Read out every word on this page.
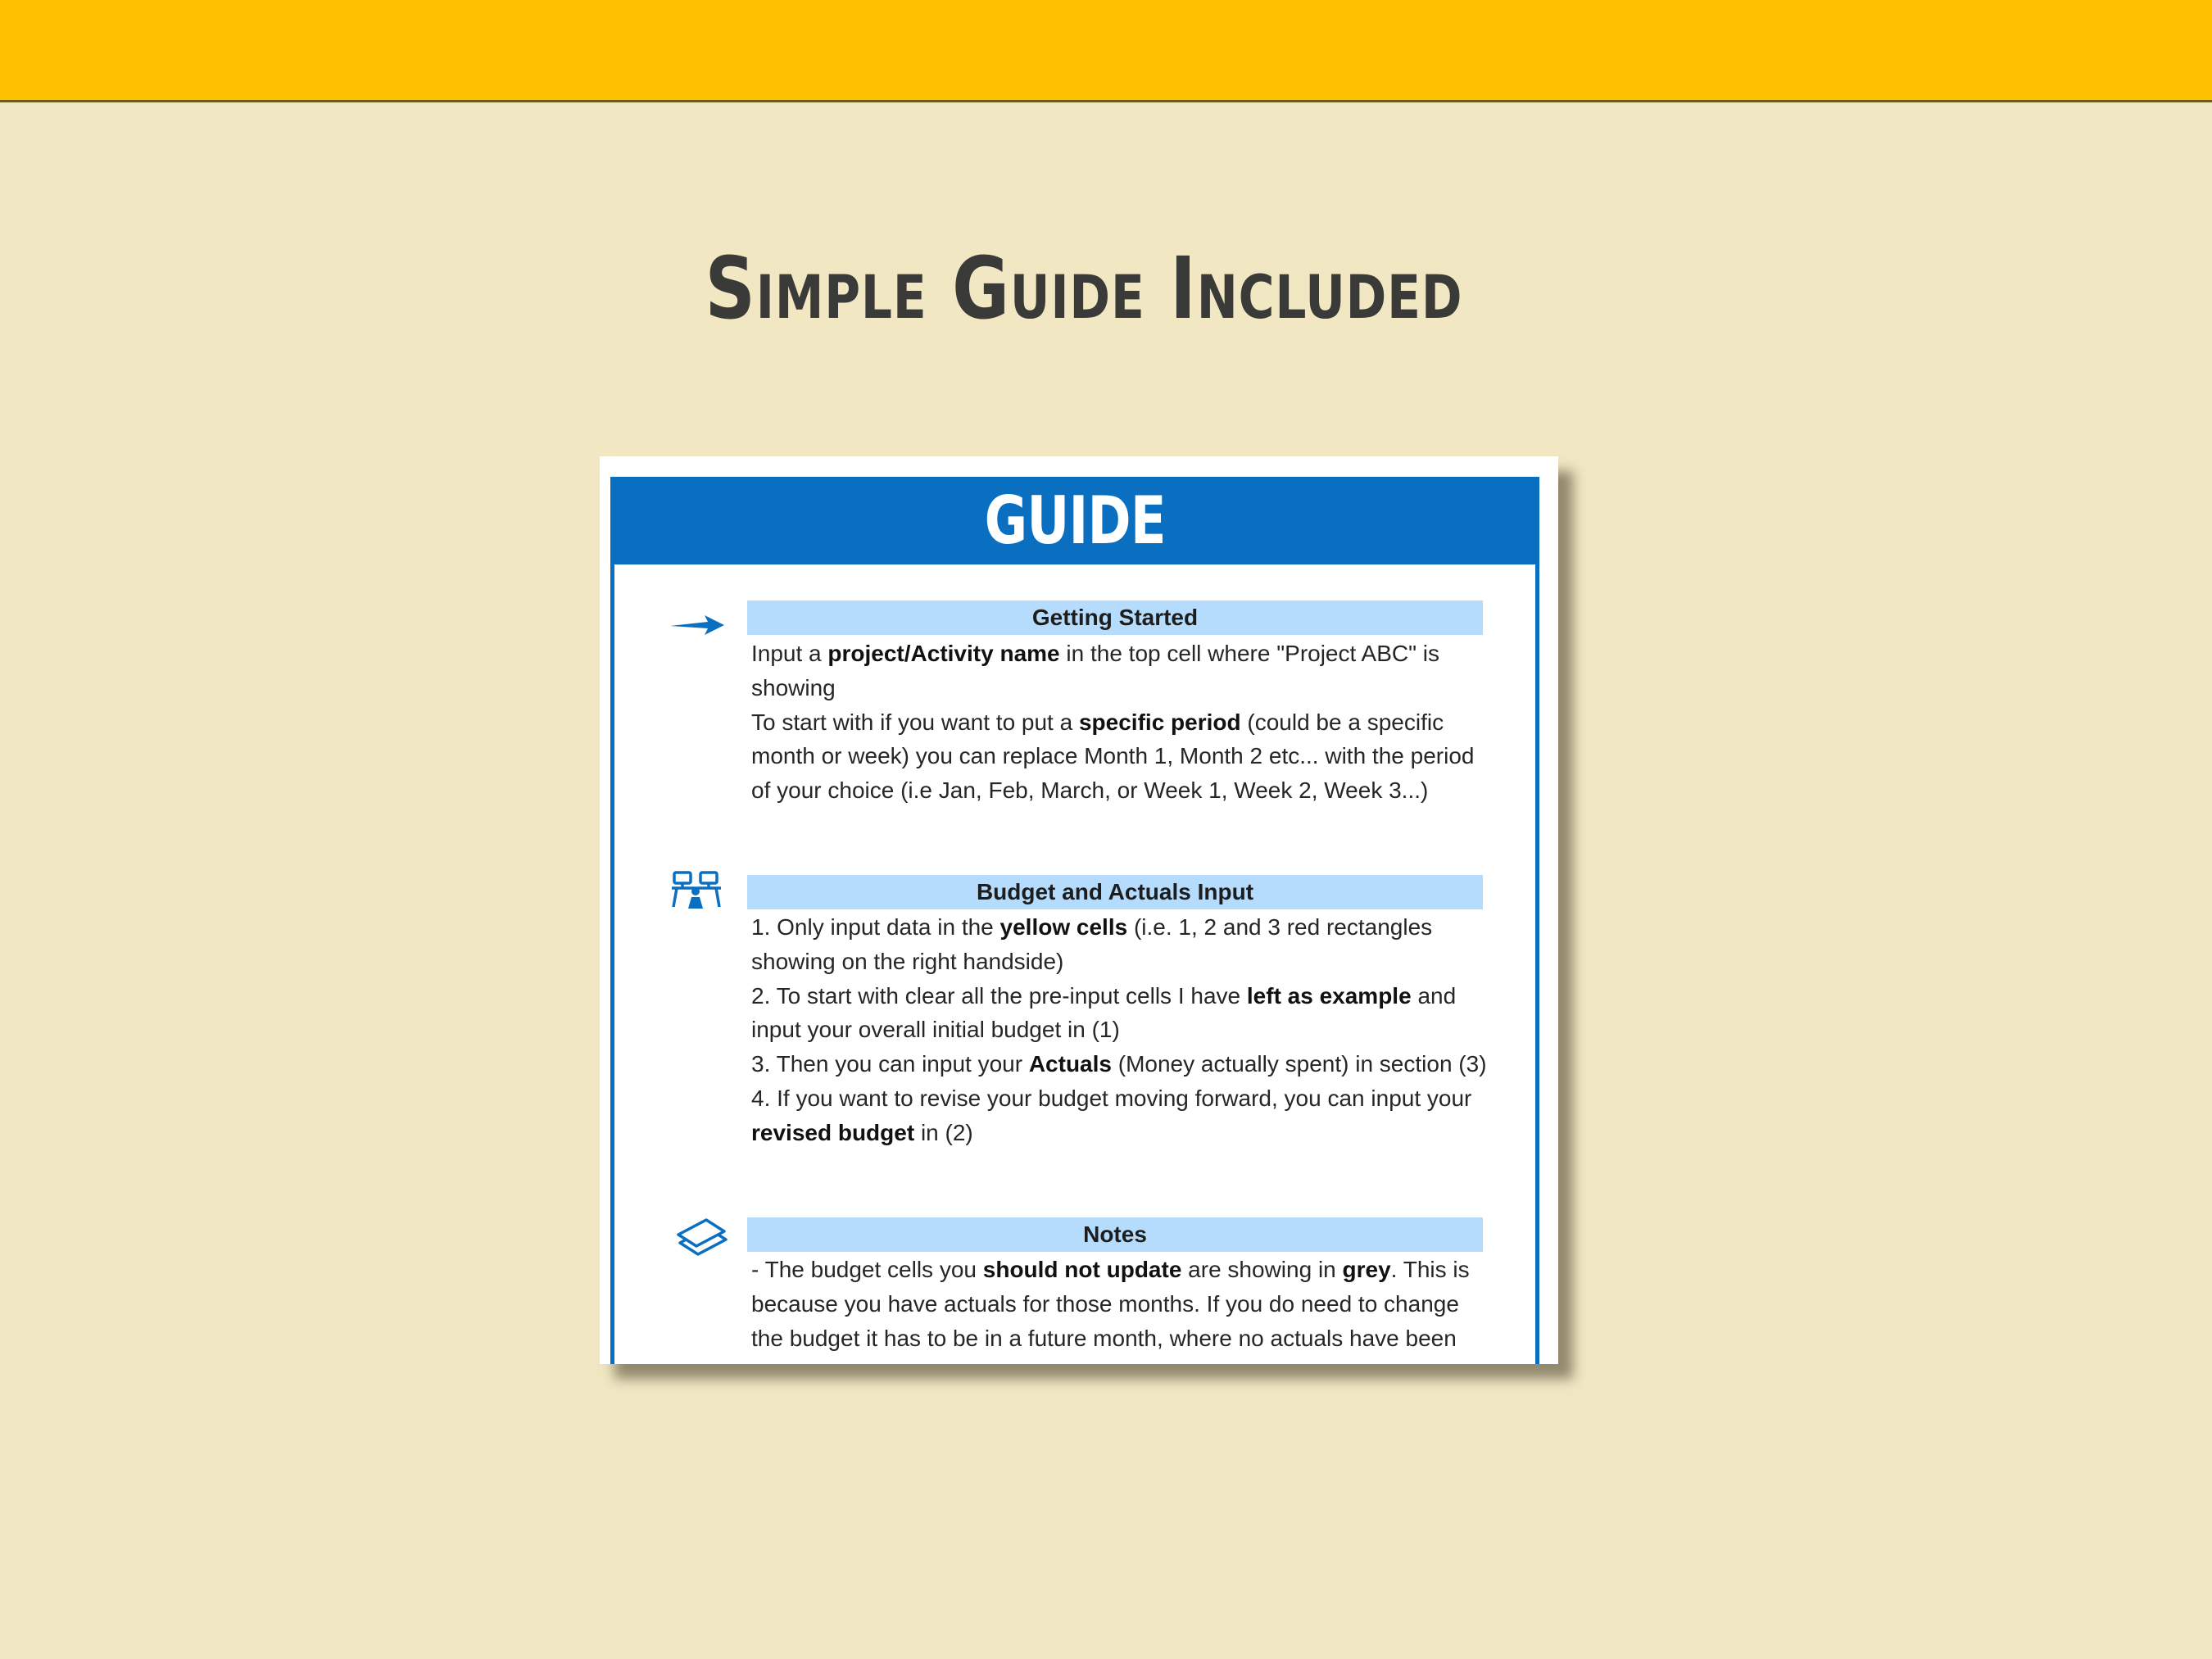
Simple Guide Included
GUIDE
Getting Started

Input a project/Activity name in the top cell where "Project ABC" is showing

To start with if you want to put a specific period (could be a specific month or week) you can replace Month 1, Month 2 etc... with the period of your choice (i.e Jan, Feb, March, or Week 1, Week 2, Week 3...)

Budget and Actuals Input

1. Only input data in the yellow cells (i.e. 1, 2 and 3 red rectangles showing on the right handside)

2. To start with clear all the pre-input cells I have left as example and input your overall initial budget in (1)

3. Then you can input your Actuals (Money actually spent) in section (3)

4. If you want to revise your budget moving forward, you can input your revised budget in (2)

Notes

- The budget cells you should not update are showing in grey. This is because you have actuals for those months. If you do need to change the budget it has to be in a future month, where no actuals have been
